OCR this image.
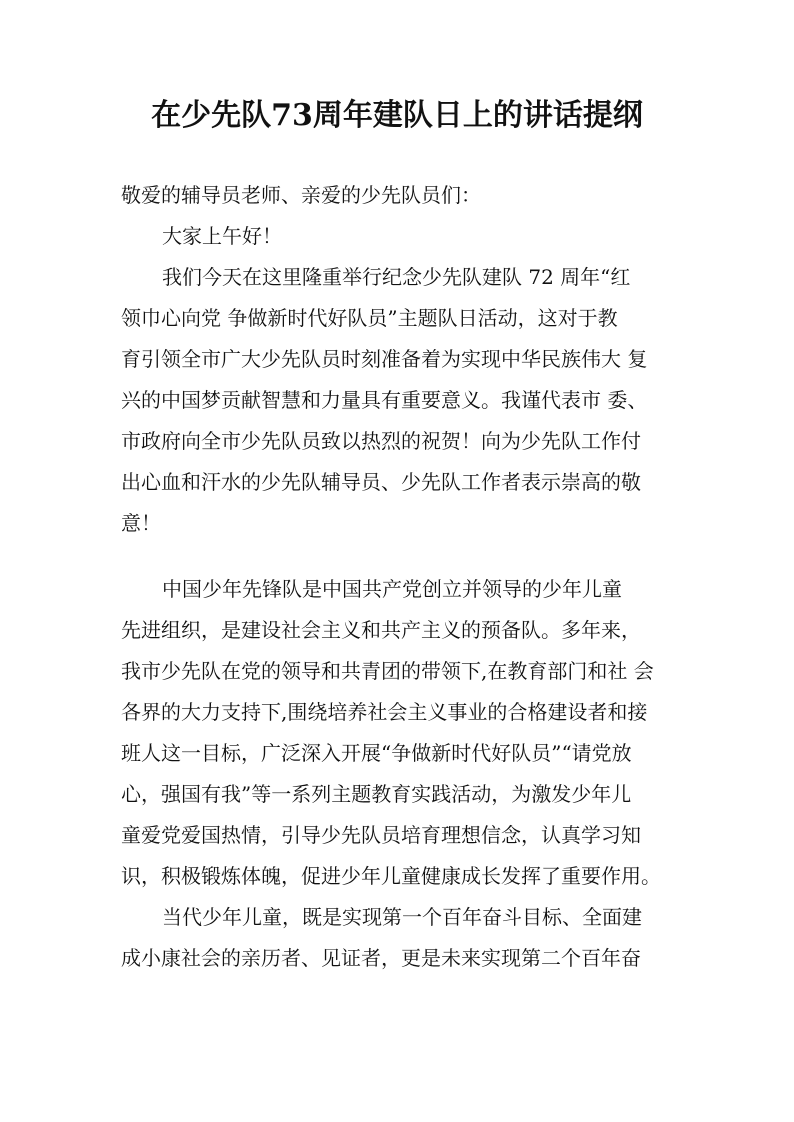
在少先队73周年建队日上的讲话提纲
敬爱的辅导员老师、亲爱的少先队员们：
大家上午好！
我们今天在这里隆重举行纪念少先队建队 72 周年“红
领巾心向党 争做新时代好队员”主题队日活动，这对于教
育引领全市广大少先队员时刻准备着为实现中华民族伟大 复
兴的中国梦贡献智慧和力量具有重要意义。我谨代表市 委、
市政府向全市少先队员致以热烈的祝贺！向为少先队工作付
出心血和汗水的少先队辅导员、少先队工作者表示崇高的敬
意！
中国少年先锋队是中国共产党创立并领导的少年儿童
先进组织，是建设社会主义和共产主义的预备队。多年来，
我市少先队在党的领导和共青团的带领下,在教育部门和社 会
各界的大力支持下,围绕培养社会主义事业的合格建设者和接
班人这一目标，广泛深入开展“争做新时代好队员”“请党放
心，强国有我”等一系列主题教育实践活动，为激发少年儿
童爱党爱国热情，引导少先队员培育理想信念，认真学习知
识，积极锻炼体魄，促进少年儿童健康成长发挥了重要作用。
当代少年儿童，既是实现第一个百年奋斗目标、全面建
成小康社会的亲历者、见证者，更是未来实现第二个百年奋
